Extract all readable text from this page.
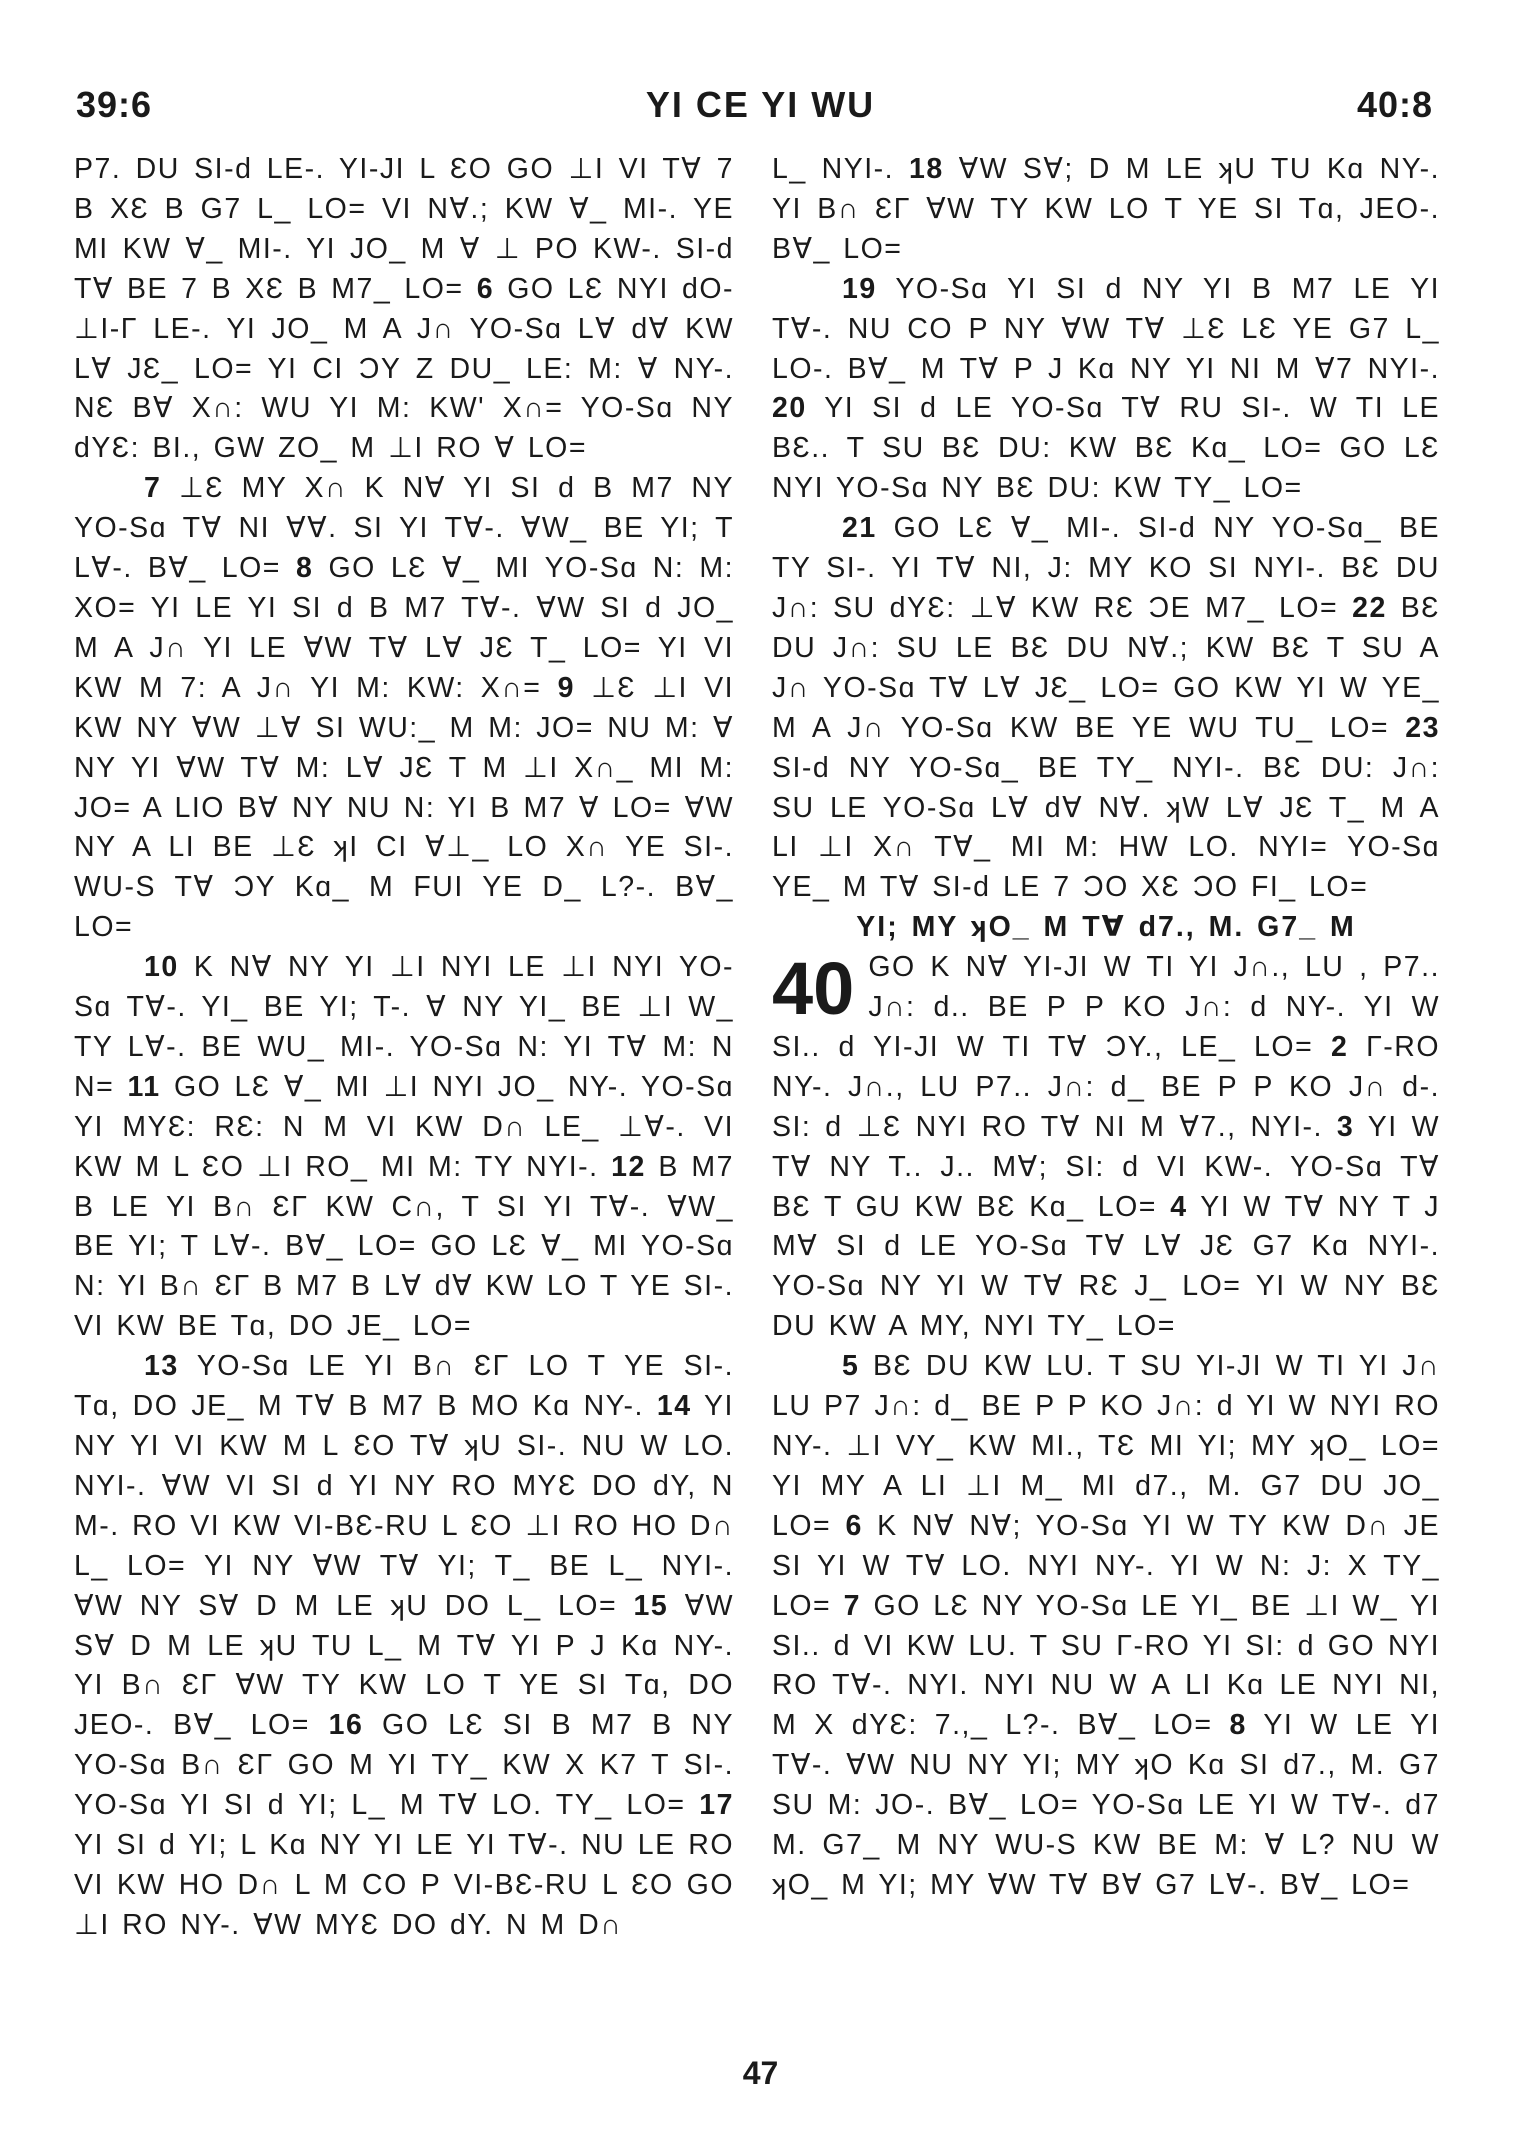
39:6	YI CE YI WU	40:8

P7. DU SI-d LE-. YI-JI L ƐO GO ⊥I VI TⱯ 7 B XƐ B G7 L_ LO= VI NⱯ.; KW Ɐ_ MI-. YE MI KW Ɐ_ MI-. YI JO_ M Ɐ ⊥ PO KW-. SI-d TⱯ BE 7 B XƐ B M7_ LO= 6 GO LƐ NYI dO-⊥I-Γ LE-. YI JO_ M A J∩ YO-Sɑ LⱯ dⱯ KW LⱯ JƐ_ LO= YI CI ƆY Z DU_ LE: M: Ɐ NY-. NƐ BⱯ X∩: WU YI M: KW' X∩= YO-Sɑ NY dYƐ: BI., GW ZO_ M ⊥I RO Ɐ LO=

7 ⊥Ɛ MY X∩ K NⱯ YI SI d B M7 NY YO-Sɑ TⱯ NI ⱯⱯ. SI YI TⱯ-. ⱯW_ BE YI; T LⱯ-. BⱯ_ LO= 8 GO LƐ Ɐ_ MI YO-Sɑ N: M: XO= YI LE YI SI d B M7 TⱯ-. ⱯW SI d JO_ M A J∩ YI LE ⱯW TⱯ LⱯ JƐ T_ LO= YI VI KW M 7: A J∩ YI M: KW: X∩= 9 ⊥Ɛ ⊥I VI KW NY ⱯW ⊥Ɐ SI WU:_ M M: JO= NU M: Ɐ NY YI ⱯW TⱯ M: LⱯ JƐ T M ⊥I X∩_ MI M: JO= A LIO BⱯ NY NU N: YI B M7 Ɐ LO= ⱯW NY A LI BE ⊥Ɛ ʞI CI Ɐ⊥_ LO X∩ YE SI-. WU-S TⱯ ƆY Kɑ_ M FUI YE D_ L?-. BⱯ_ LO=

10 K NⱯ NY YI ⊥I NYI LE ⊥I NYI YO-Sɑ TⱯ-. YI_ BE YI; T-. Ɐ NY YI_ BE ⊥I W_ TY LⱯ-. BE WU_ MI-. YO-Sɑ N: YI TⱯ M: N N= 11 GO LƐ Ɐ_ MI ⊥I NYI JO_ NY-. YO-Sɑ YI MYƐ: RƐ: N M VI KW D∩ LE_ ⊥Ɐ-. VI KW M L ƐO ⊥I RO_ MI M: TY NYI-. 12 B M7 B LE YI B∩ ƐΓ KW C∩, T SI YI TⱯ-. ⱯW_ BE YI; T LⱯ-. BⱯ_ LO= GO LƐ Ɐ_ MI YO-Sɑ N: YI B∩ ƐΓ B M7 B LⱯ dⱯ KW LO T YE SI-. VI KW BE Tɑ, DO JE_ LO=

13 YO-Sɑ LE YI B∩ ƐΓ LO T YE SI-. Tɑ, DO JE_ M TⱯ B M7 B MO Kɑ NY-. 14 YI NY YI VI KW M L ƐO TⱯ ʞU SI-. NU W LO. NYI-. ⱯW VI SI d YI NY RO MYƐ DO dY, N M-. RO VI KW VI-BƐ-RU L ƐO ⊥I RO HO D∩ L_ LO= YI NY ⱯW TⱯ YI; T_ BE L_ NYI-. ⱯW NY SⱯ D M LE ʞU DO L_ LO= 15 ⱯW SⱯ D M LE ʞU TU L_ M TⱯ YI P J Kɑ NY-. YI B∩ ƐΓ ⱯW TY KW LO T YE SI Tɑ, DO JEO-. BⱯ_ LO= 16 GO LƐ SI B M7 B NY YO-Sɑ B∩ ƐΓ GO M YI TY_ KW X K7 T SI-. YO-Sɑ YI SI d YI; L_ M TⱯ LO. TY_ LO= 17 YI SI d YI; L Kɑ NY YI LE YI TⱯ-. NU LE RO VI KW HO D∩ L M CO P VI-BƐ-RU L ƐO GO ⊥I RO NY-. ⱯW MYƐ DO dY. N M D∩

L_ NYI-. 18 ⱯW SⱯ; D M LE ʞU TU Kɑ NY-. YI B∩ ƐΓ ⱯW TY KW LO T YE SI Tɑ, JEO-. BⱯ_ LO=

19 YO-Sɑ YI SI d NY YI B M7 LE YI TⱯ-. NU CO P NY ⱯW TⱯ ⊥Ɛ LƐ YE G7 L_ LO-. BⱯ_ M TⱯ P J Kɑ NY YI NI M Ɐ7 NYI-. 20 YI SI d LE YO-Sɑ TⱯ RU SI-. W TI LE BƐ.. T SU BƐ DU: KW BƐ Kɑ_ LO= GO LƐ NYI YO-Sɑ NY BƐ DU: KW TY_ LO=

21 GO LƐ Ɐ_ MI-. SI-d NY YO-Sɑ_ BE TY SI-. YI TⱯ NI, J: MY KO SI NYI-. BƐ DU J∩: SU dYƐ: ⊥Ɐ KW RƐ ƆE M7_ LO= 22 BƐ DU J∩: SU LE BƐ DU NⱯ.; KW BƐ T SU A J∩ YO-Sɑ TⱯ LⱯ JƐ_ LO= GO KW YI W YE_ M A J∩ YO-Sɑ KW BE YE WU TU_ LO= 23 SI-d NY YO-Sɑ_ BE TY_ NYI-. BƐ DU: J∩: SU LE YO-Sɑ LⱯ dⱯ NⱯ. ʞW LⱯ JƐ T_ M A LI ⊥I X∩ TⱯ_ MI M: HW LO. NYI= YO-Sɑ YE_ M TⱯ SI-d LE 7 ƆO XƐ ƆO FI_ LO=

YI; MY ʞO_ M TⱯ d7., M. G7_ M

40 GO K NⱯ YI-JI W TI YI J∩., LU , P7.. J∩: d.. BE P P KO J∩: d NY-. YI W SI.. d YI-JI W TI TⱯ ƆY., LE_ LO= 2 Γ-RO NY-. J∩., LU P7.. J∩: d_ BE P P KO J∩ d-. SI: d ⊥Ɛ NYI RO TⱯ NI M Ɐ7., NYI-. 3 YI W TⱯ NY T.. J.. MⱯ; SI: d VI KW-. YO-Sɑ TⱯ BƐ T GU KW BƐ Kɑ_ LO= 4 YI W TⱯ NY T J MⱯ SI d LE YO-Sɑ TⱯ LⱯ JƐ G7 Kɑ NYI-. YO-Sɑ NY YI W TⱯ RƐ J_ LO= YI W NY BƐ DU KW A MY, NYI TY_ LO=

5 BƐ DU KW LU. T SU YI-JI W TI YI J∩ LU P7 J∩: d_ BE P P KO J∩: d YI W NYI RO NY-. ⊥I VY_ KW MI., TƐ MI YI; MY ʞO_ LO= YI MY A LI ⊥I M_ MI d7., M. G7 DU JO_ LO= 6 K NⱯ NⱯ; YO-Sɑ YI W TY KW D∩ JE SI YI W TⱯ LO. NYI NY-. YI W N: J: X TY_ LO= 7 GO LƐ NY YO-Sɑ LE YI_ BE ⊥I W_ YI SI.. d VI KW LU. T SU Γ-RO YI SI: d GO NYI RO TⱯ-. NYI. NYI NU W A LI Kɑ LE NYI NI, M X dYƐ: 7.,_ L?-. BⱯ_ LO= 8 YI W LE YI TⱯ-. ⱯW NU NY YI; MY ʞO Kɑ SI d7., M. G7 SU M: JO-. BⱯ_ LO= YO-Sɑ LE YI W TⱯ-. d7 M. G7_ M NY WU-S KW BE M: Ɐ L? NU W ʞO_ M YI; MY ⱯW TⱯ BⱯ G7 LⱯ-. BⱯ_ LO=

47
